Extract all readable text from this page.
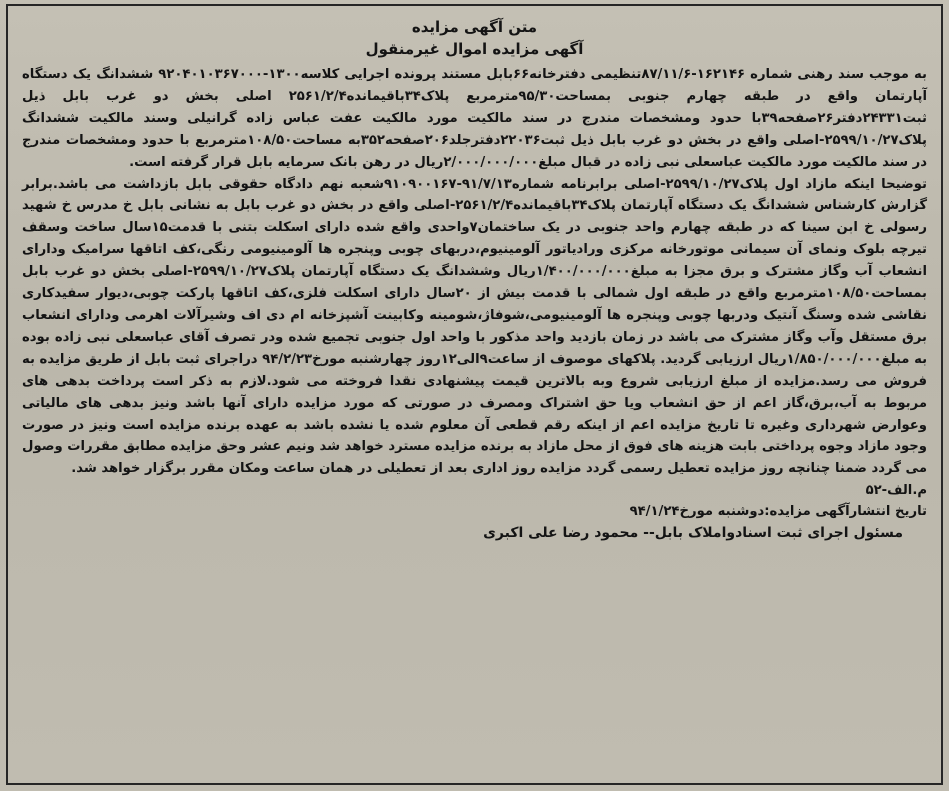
متن آگهی مزایده
آگهی مزایده اموال غیرمنقول

به موجب سند رهنی شماره ۱۶۲۱۴۶-۸۷/۱۱/۶تنظیمی دفترخانه۶۶بابل مستند پرونده اجرایی کلاسه۱۳۰۰-۹۲۰۴۰۱۰۳۶۷۰۰۰ ششدانگ یک دستگاه آپارتمان واقع در طبقه چهارم جنوبی بمساحت۹۵/۳۰مترمربع پلاک۳۴باقیمانده۲۵۶۱/۲/۴ اصلی بخش دو غرب بابل ذیل ثبت۲۴۳۳۱دفتر۲۶صفحه۳۹با حدود ومشخصات مندرج در سند مالکیت مورد مالکیت عفت عباس زاده گرانیلی وسند مالکیت ششدانگ پلاک۲۵۹۹/۱۰/۲۷-اصلی واقع در بخش دو غرب بابل ذیل ثبت۲۲۰۳۶دفترجلد۲۰۶صفحه۳۵۲به مساحت۱۰۸/۵۰مترمربع با حدود ومشخصات مندرج در سند مالکیت مورد مالکیت عباسعلی نبی زاده در قبال مبلغ۲/۰۰۰/۰۰۰/۰۰۰ریال در رهن بانک سرمایه بابل قرار گرفته است.

توضیحا اینکه مازاد اول پلاک۲۵۹۹/۱۰/۲۷-اصلی برابرنامه شماره۹۱/۷/۱۳-۹۱۰۹۰۰۱۶۷شعبه نهم دادگاه حقوقی بابل بازداشت می باشد.برابر گزارش کارشناس ششدانگ یک دستگاه آپارتمان پلاک۳۴باقیمانده۲۵۶۱/۲/۴-اصلی واقع در بخش دو غرب بابل به نشانی بابل خ مدرس خ شهید رسولی خ ابن سینا که در طبقه چهارم واحد جنوبی در یک ساختمان۷واحدی واقع شده دارای اسکلت بتنی با قدمت۱۵سال ساخت وسقف تیرچه بلوک ونمای آن سیمانی موتورخانه مرکزی ورادیاتور آلومینیوم،دربهای چوبی وپنجره ها آلومینیومی رنگی،کف اتاقها سرامیک ودارای انشعاب آب وگاز مشترک و برق مجزا به مبلغ۱/۴۰۰/۰۰۰/۰۰۰ریال وششدانگ یک دستگاه آپارتمان پلاک۲۵۹۹/۱۰/۲۷-اصلی بخش دو غرب بابل بمساحت۱۰۸/۵۰مترمربع واقع در طبقه اول شمالی با قدمت بیش از ۲۰سال دارای اسکلت فلزی،کف اتاقها پارکت چوبی،دیوار سفیدکاری نقاشی شده وسنگ آنتیک ودربها چوبی وپنجره ها آلومینیومی،شوفاژ،شومینه وکابینت آشپزخانه ام دی اف وشیرآلات اهرمی ودارای انشعاب برق مستقل وآب وگاز مشترک می باشد در زمان بازدید واحد مذکور با واحد اول جنوبی تجمیع شده ودر تصرف آقای عباسعلی نبی زاده بوده به مبلغ۱/۸۵۰/۰۰۰/۰۰۰ریال ارزیابی گردید. پلاکهای موصوف از ساعت۹الی۱۲روز چهارشنبه مورخ۹۴/۲/۲۳ دراجرای ثبت بابل از طریق مزایده به فروش می رسد.مزایده از مبلغ ارزیابی شروع وبه بالاترین قیمت پیشنهادی نقدا فروخته می شود.لازم به ذکر است پرداخت بدهی های مربوط به آب،برق،گاز اعم از حق انشعاب ویا حق اشتراک ومصرف در صورتی که مورد مزایده دارای آنها باشد ونیز بدهی های مالیاتی وعوارض شهرداری وغیره تا تاریخ مزایده اعم از اینکه رقم قطعی آن معلوم شده یا نشده باشد به عهده برنده مزایده است ونیز در صورت وجود مازاد وجوه پرداختی بابت هزینه های فوق از محل مازاد به برنده مزایده مسترد خواهد شد ونیم عشر وحق مزایده مطابق مقررات وصول می گردد ضمنا چنانچه روز مزایده تعطیل رسمی گردد مزایده روز اداری بعد از تعطیلی در همان ساعت ومکان مقرر برگزار خواهد شد.

م.الف-۵۲
تاریخ انتشارآگهی مزایده:دوشنبه مورخ۹۴/۱/۲۴
مسئول اجرای ثبت اسنادواملاک بابل-- محمود رضا علی اکبری
